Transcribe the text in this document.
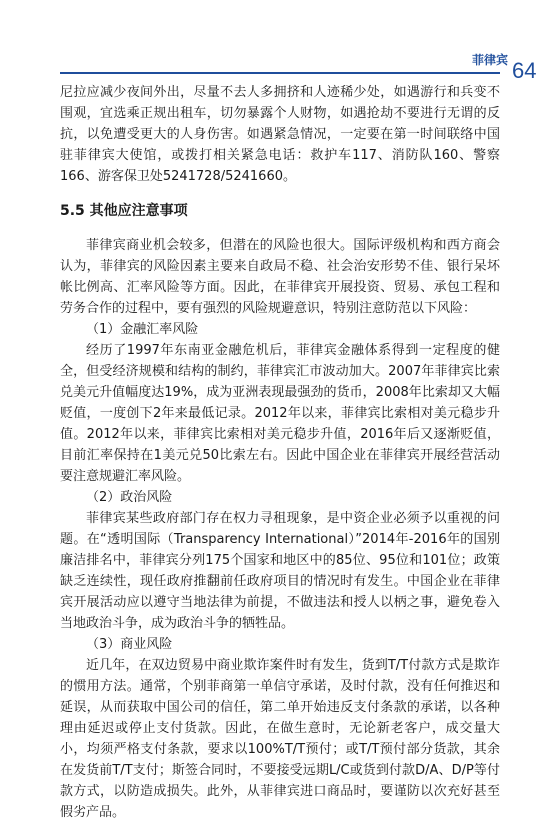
菲律宾 64

尼拉应减少夜间外出，尽量不去人多拥挤和人迹稀少处，如遇游行和兵变不围观，宜选乘正规出租车，切勿暴露个人财物，如遇抢劫不要进行无谓的反抗，以免遭受更大的人身伤害。如遇紧急情况，一定要在第一时间联络中国驻菲律宾大使馆，或拨打相关紧急电话：救护车117、消防队160、警察166、游客保卫处5241728/5241660。

5.5 其他应注意事项

菲律宾商业机会较多，但潜在的风险也很大。国际评级机构和西方商会认为，菲律宾的风险因素主要来自政局不稳、社会治安形势不佳、银行呆坏帐比例高、汇率风险等方面。因此，在菲律宾开展投资、贸易、承包工程和劳务合作的过程中，要有强烈的风险规避意识，特别注意防范以下风险：

（1）金融汇率风险

经历了1997年东南亚金融危机后，菲律宾金融体系得到一定程度的健全，但受经济规模和结构的制约，菲律宾汇市波动加大。2007年菲律宾比索兑美元升值幅度达19%，成为亚洲表现最强劲的货币，2008年比索却又大幅贬值，一度创下2年来最低记录。2012年以来，菲律宾比索相对美元稳步升值。2012年以来，菲律宾比索相对美元稳步升值，2016年后又逐渐贬值，目前汇率保持在1美元兑50比索左右。因此中国企业在菲律宾开展经营活动要注意规避汇率风险。

（2）政治风险

菲律宾某些政府部门存在权力寻租现象，是中资企业必须予以重视的问题。在“透明国际（Transparency International）”2014年-2016年的国别廉洁排名中，菲律宾分列175个国家和地区中的85位、95位和101位；政策缺乏连续性，现任政府推翻前任政府项目的情况时有发生。中国企业在菲律宾开展活动应以遵守当地法律为前提，不做违法和授人以柄之事，避免卷入当地政治斗争，成为政治斗争的牺牲品。

（3）商业风险

近几年，在双边贸易中商业欺诈案件时有发生，货到T/T付款方式是欺诈的惯用方法。通常，个别菲商第一单信守承诺，及时付款，没有任何推迟和延误，从而获取中国公司的信任，第二单开始违反支付条款的承诺，以各种理由延迟或停止支付货款。因此，在做生意时，无论新老客户，成交量大小，均须严格支付条款，要求以100%T/T预付；或T/T预付部分货款，其余在发货前T/T支付；斯签合同时，不要接受远期L/C或货到付款D/A、D/P等付款方式，以防造成损失。此外，从菲律宾进口商品时，要谨防以次充好甚至假劣产品。
